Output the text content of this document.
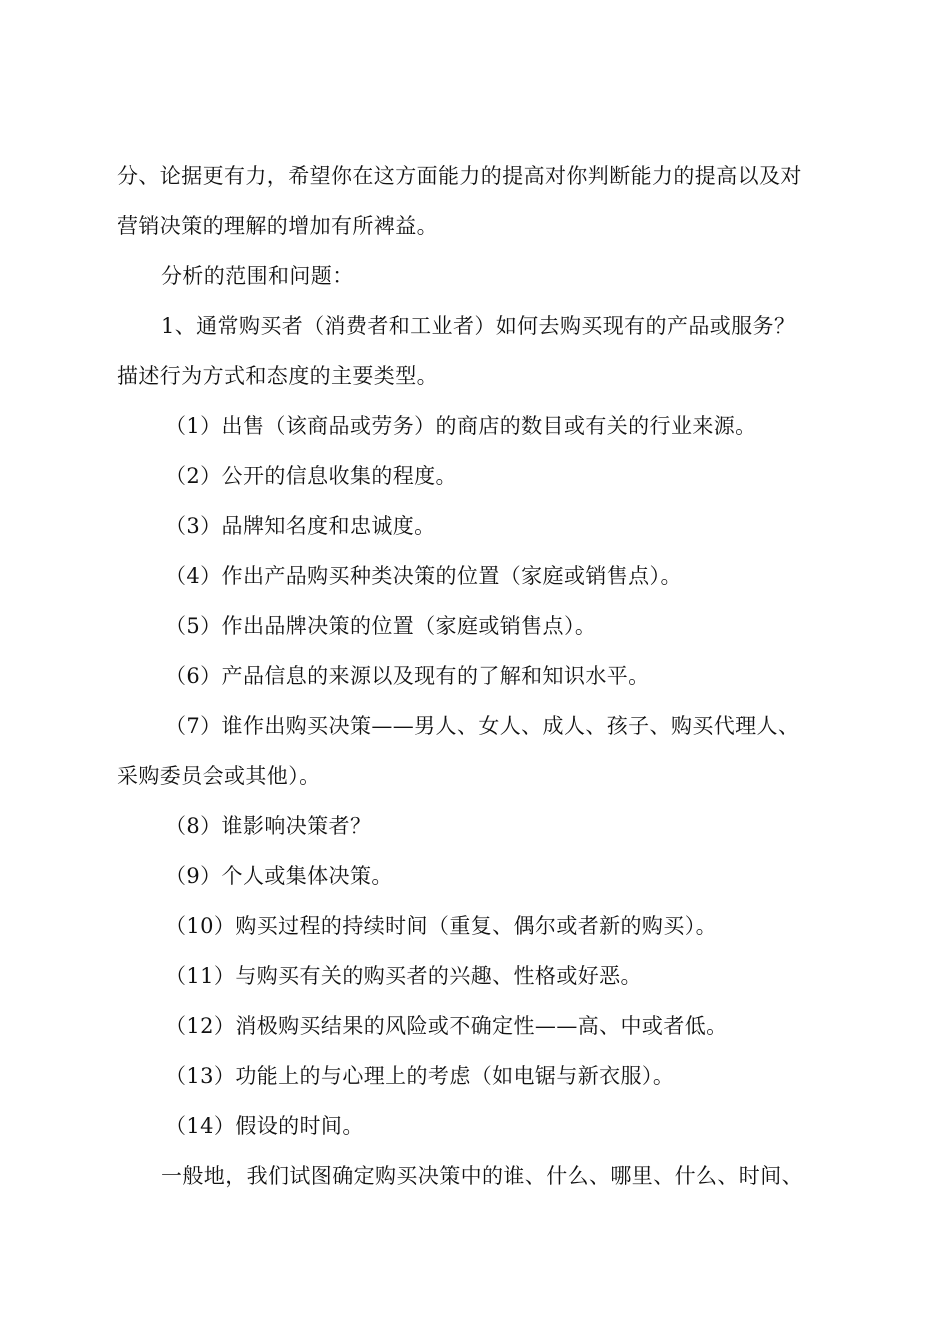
分、论据更有力，希望你在这方面能力的提高对你判断能力的提高以及对
营销决策的理解的增加有所裨益。
分析的范围和问题：
1、通常购买者（消费者和工业者）如何去购买现有的产品或服务？
描述行为方式和态度的主要类型。
（1）出售（该商品或劳务）的商店的数目或有关的行业来源。
（2）公开的信息收集的程度。
（3）品牌知名度和忠诚度。
（4）作出产品购买种类决策的位置（家庭或销售点）。
（5）作出品牌决策的位置（家庭或销售点）。
（6）产品信息的来源以及现有的了解和知识水平。
（7）谁作出购买决策——男人、女人、成人、孩子、购买代理人、
采购委员会或其他）。
（8）谁影响决策者？
（9）个人或集体决策。
（10）购买过程的持续时间（重复、偶尔或者新的购买）。
（11）与购买有关的购买者的兴趣、性格或好恶。
（12）消极购买结果的风险或不确定性——高、中或者低。
（13）功能上的与心理上的考虑（如电锯与新衣服）。
（14）假设的时间。
一般地，我们试图确定购买决策中的谁、什么、哪里、什么、时间、
